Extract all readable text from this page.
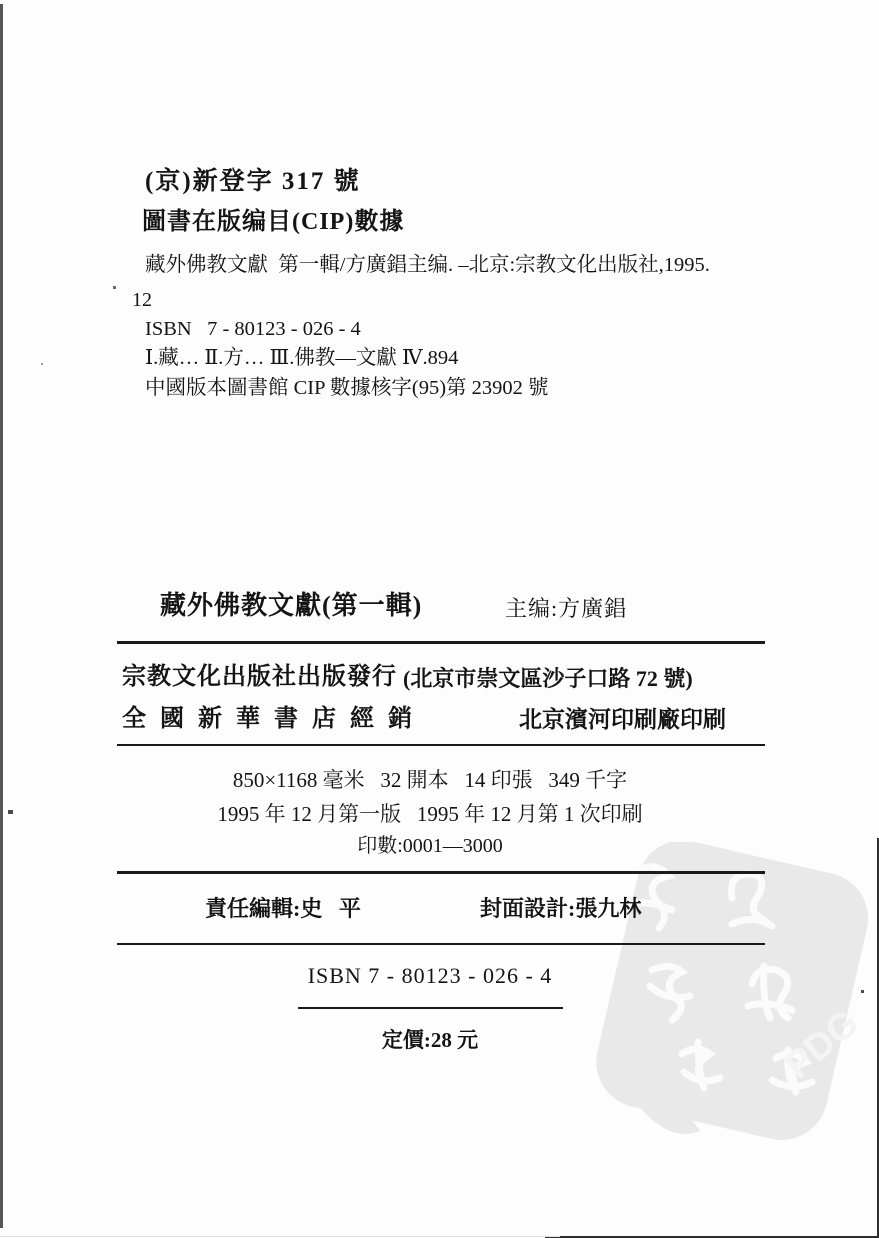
PDG
(京)新登字 317 號
圖書在版编目(CIP)數據
藏外佛教文獻  第一輯/方廣錩主编. –北京:宗教文化出版社,1995.
12
ISBN   7 - 80123 - 026 - 4
Ⅰ.藏… Ⅱ.方… Ⅲ.佛教—文獻 Ⅳ.894
中國版本圖書館 CIP 數據核字(95)第 23902 號
藏外佛教文獻(第一輯)	主编:方廣錩
宗教文化出版社出版發行 (北京市崇文區沙子口路 72 號)
全國新華書店經銷	北京濱河印刷廠印刷
850×1168 毫米   32 開本   14 印張   349 千字
1995 年 12 月第一版   1995 年 12 月第 1 次印刷
印數:0001—3000
責任編輯:史   平	封面設計:張九林
ISBN 7 - 80123 - 026 - 4
定價:28 元
